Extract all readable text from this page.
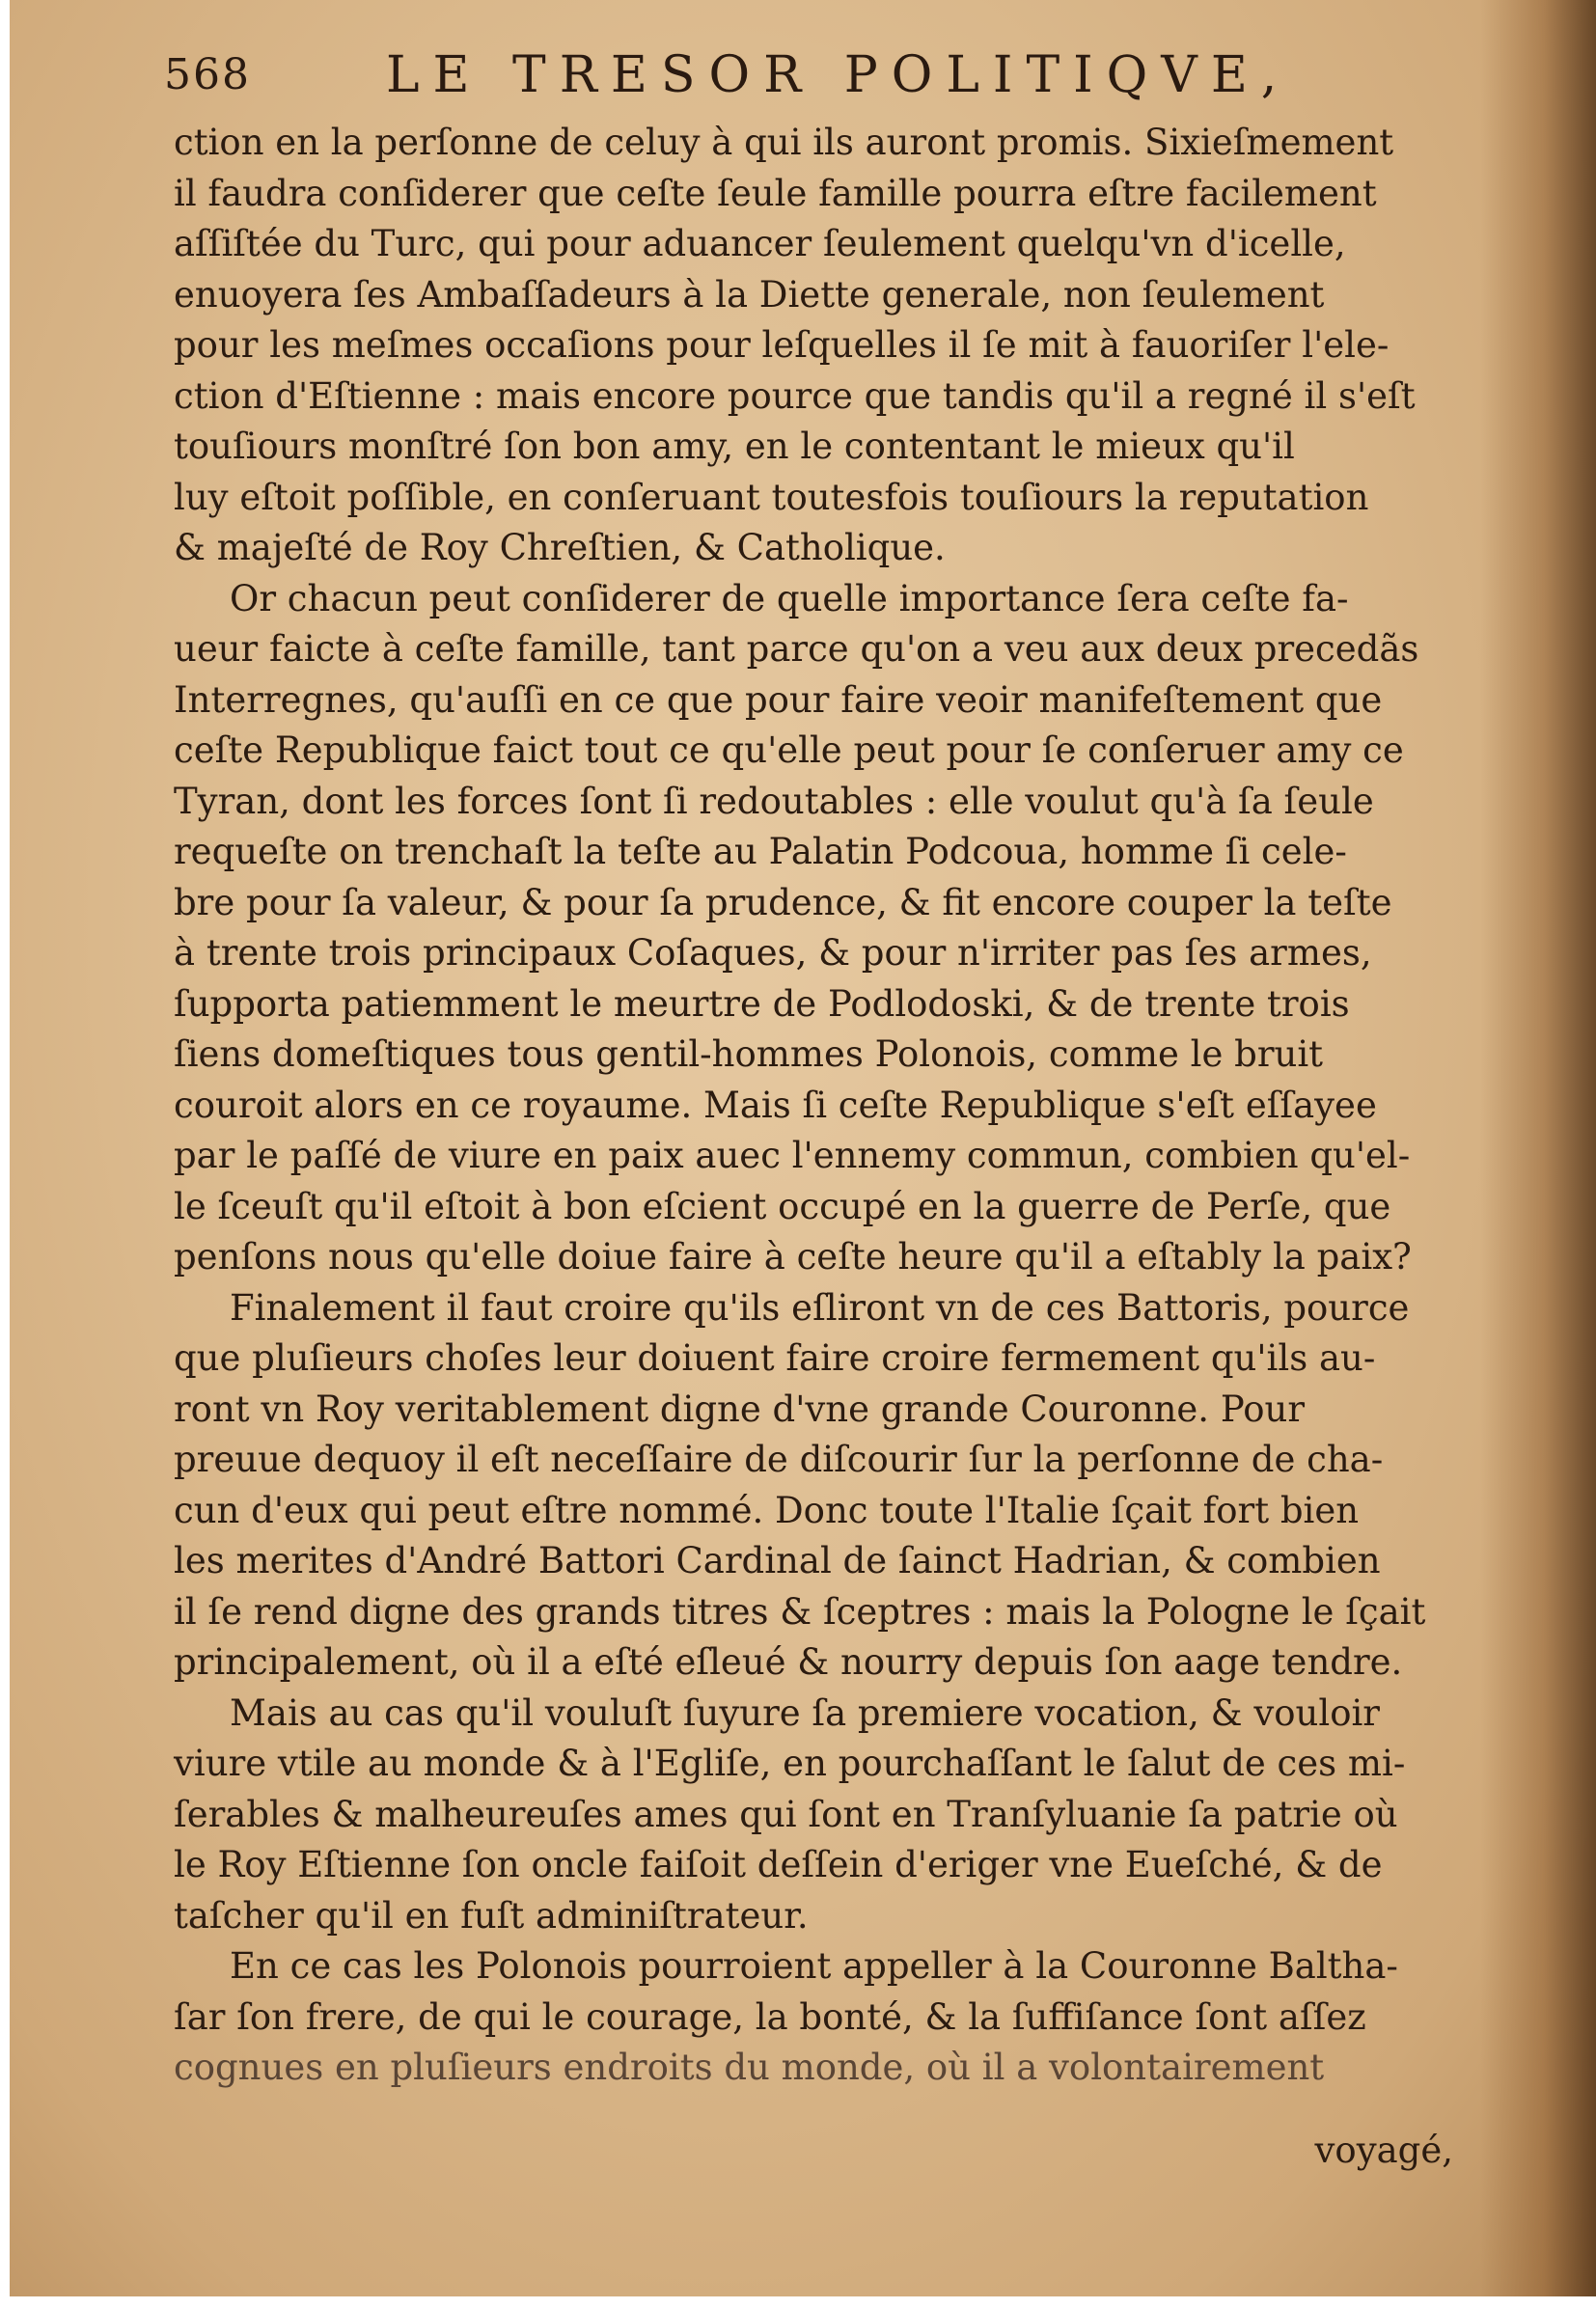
568	LE TRESOR POLITIQVE,
ction en la perſonne de celuy à qui ils auront promis. Sixieſmement
il faudra conſiderer que ceſte ſeule famille pourra eſtre facilement
aſſiſtée du Turc, qui pour aduancer ſeulement quelqu'vn d'icelle,
enuoyera ſes Ambaſſadeurs à la Diette generale, non ſeulement
pour les meſmes occaſions pour leſquelles il ſe mit à fauoriſer l'ele-
ction d'Eſtienne : mais encore pource que tandis qu'il a regné il s'eſt
touſiours monſtré ſon bon amy, en le contentant le mieux qu'il
luy eſtoit poſſible, en conſeruant toutesfois touſiours la reputation
& majeſté de Roy Chreſtien, & Catholique.
Or chacun peut conſiderer de quelle importance ſera ceſte fa-
ueur faicte à ceſte famille, tant parce qu'on a veu aux deux precedãs
Interregnes, qu'auſſi en ce que pour faire veoir manifeſtement que
ceſte Republique faict tout ce qu'elle peut pour ſe conſeruer amy ce
Tyran, dont les forces ſont ſi redoutables : elle voulut qu'à ſa ſeule
requeſte on trenchaſt la teſte au Palatin Podcoua, homme ſi cele-
bre pour ſa valeur, & pour ſa prudence, & fit encore couper la teſte
à trente trois principaux Coſaques, & pour n'irriter pas ſes armes,
ſupporta patiemment le meurtre de Podlodoski, & de trente trois
ſiens domeſtiques tous gentil-hommes Polonois, comme le bruit
couroit alors en ce royaume. Mais ſi ceſte Republique s'eſt eſſayee
par le paſſé de viure en paix auec l'ennemy commun, combien qu'el-
le ſceuſt qu'il eſtoit à bon eſcient occupé en la guerre de Perſe, que
penſons nous qu'elle doiue faire à ceſte heure qu'il a eſtably la paix?
Finalement il faut croire qu'ils eſliront vn de ces Battoris, pource
que pluſieurs choſes leur doiuent faire croire fermement qu'ils au-
ront vn Roy veritablement digne d'vne grande Couronne. Pour
preuue dequoy il eſt neceſſaire de diſcourir ſur la perſonne de cha-
cun d'eux qui peut eſtre nommé. Donc toute l'Italie ſçait fort bien
les merites d'André Battori Cardinal de ſainct Hadrian, & combien
il ſe rend digne des grands titres & ſceptres : mais la Pologne le ſçait
principalement, où il a eſté eſleué & nourry depuis ſon aage tendre.
Mais au cas qu'il vouluſt ſuyure ſa premiere vocation, & vouloir
viure vtile au monde & à l'Egliſe, en pourchaſſant le ſalut de ces mi-
ſerables & malheureuſes ames qui ſont en Tranſyluanie ſa patrie où
le Roy Eſtienne ſon oncle faiſoit deſſein d'eriger vne Eueſché, & de
taſcher qu'il en fuſt adminiſtrateur.
En ce cas les Polonois pourroient appeller à la Couronne Baltha-
ſar ſon frere, de qui le courage, la bonté, & la ſuffiſance ſont aſſez
cognues en pluſieurs endroits du monde, où il a volontairement
voyagé,
